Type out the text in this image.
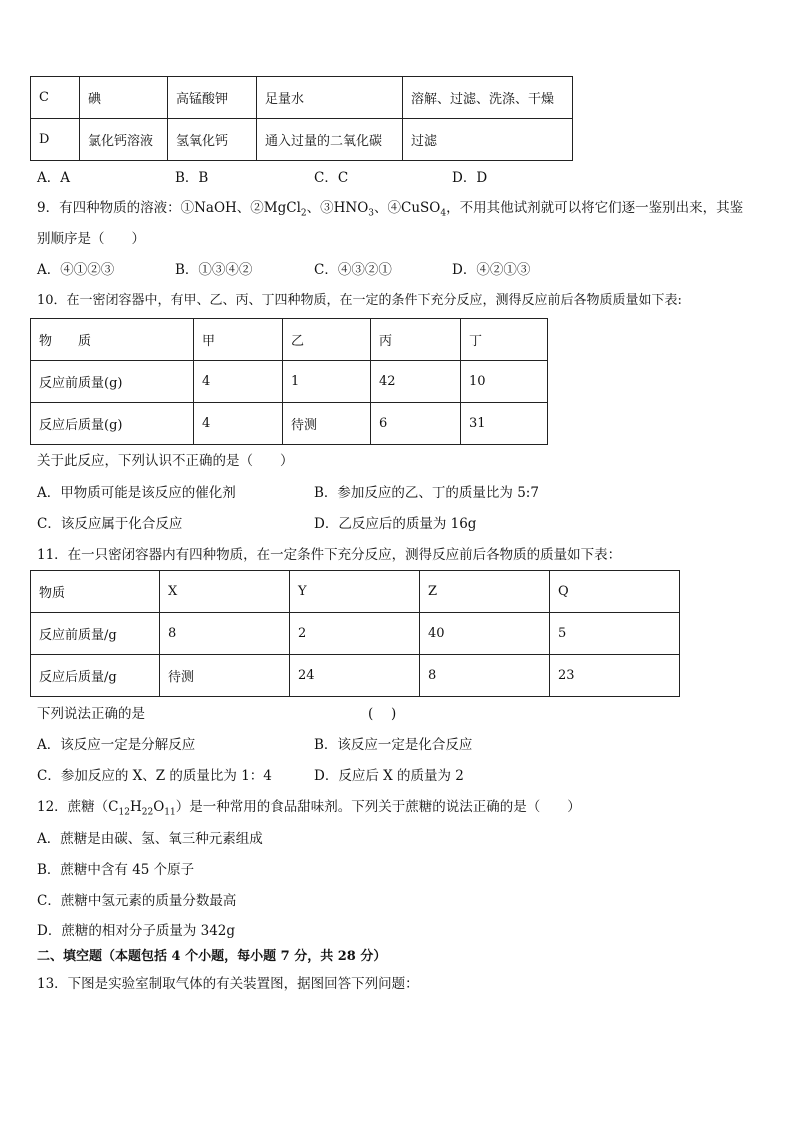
C	碘	高锰酸钾	足量水	溶解、过滤、洗涤、干燥
D	氯化钙溶液	氢氧化钙	通入过量的二氧化碳	过滤
A．A	B．B	C．C	D．D
9．有四种物质的溶液：①NaOH、②MgCl$_2$、$③HNO_3$、④CuSO$_4$，不用其他试剂就可以将它们逐一鉴别出来，其鉴
别顺序是（　　）
A．④①②③	B．①③④②	C．④③②①	D．④②①③
10．在一密闭容器中，有甲、乙、丙、丁四种物质，在一定的条件下充分反应，测得反应前后各物质质量如下表:
物　　质	甲	乙	丙	丁
反应前质量(g)	4	1	42	10
反应后质量(g)	4	待测	6	31
关于此反应，下列认识不正确的是（　　）
A．甲物质可能是该反应的催化剂	B．参加反应的乙、丁的质量比为 5:7
C．该反应属于化合反应	D．乙反应后的质量为 16g
11．在一只密闭容器内有四种物质，在一定条件下充分反应，测得反应前后各物质的质量如下表：
物质	X	Y	Z	Q
反应前质量/g	8	2	40	5
反应后质量/g	待测	24	8	23
下列说法正确的是	(　 )
A．该反应一定是分解反应	B．该反应一定是化合反应
C．参加反应的 X、Z 的质量比为 1：4	D．反应后 X 的质量为 2
12．蔗糖$(C_{12}H_{22}O_{11})$是一种常用的食品甜味剂。下列关于蔗糖的说法正确的是（　　）
A．蔗糖是由碳、氢、氧三种元素组成
B．蔗糖中含有 45 个原子
C．蔗糖中氢元素的质量分数最高
D．蔗糖的相对分子质量为 342g
二、填空题（本题包括 4 个小题，每小题 7 分，共 28 分）
13．下图是实验室制取气体的有关装置图，据图回答下列问题：
